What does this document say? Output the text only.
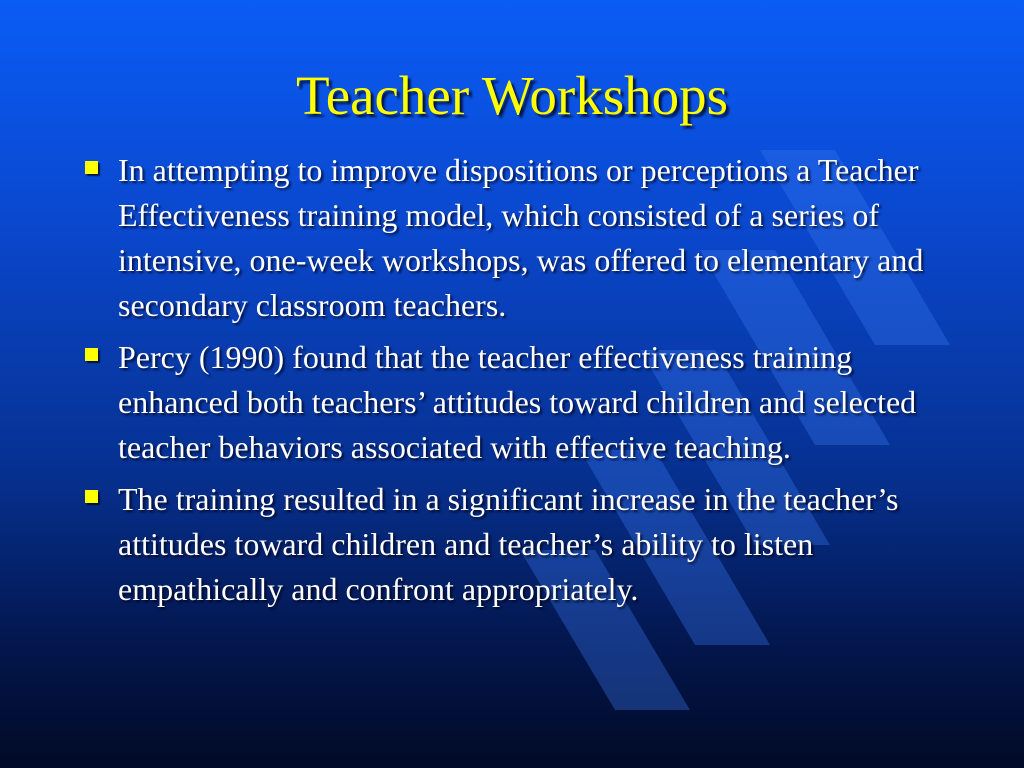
Teacher Workshops
In attempting to improve dispositions or perceptions a Teacher Effectiveness training model, which consisted of a series of intensive, one-week workshops, was offered to elementary and secondary classroom teachers.
Percy (1990) found that the teacher effectiveness training enhanced both teachers’ attitudes toward children and selected teacher behaviors associated with effective teaching.
The training resulted in a significant increase in the teacher’s attitudes toward children and teacher’s ability to listen empathically and confront appropriately.
